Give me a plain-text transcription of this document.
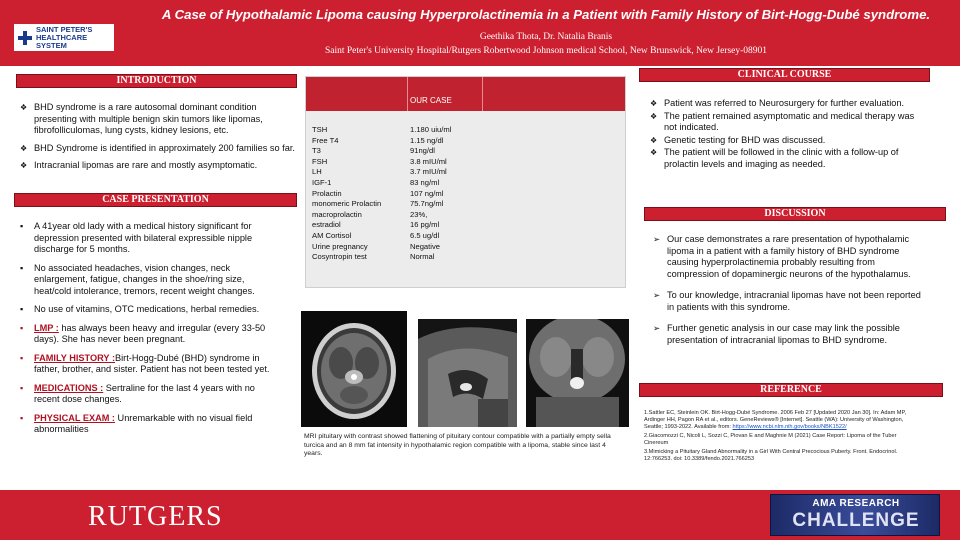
SAINT PETER'S
HEALTHCARE SYSTEM
A Case of Hypothalamic Lipoma causing Hyperprolactinemia in a Patient with Family History of Birt-Hogg-Dubé syndrome.
Geethika Thota, Dr. Natalia Branis
Saint Peter's University Hospital/Rutgers Robertwood Johnson medical School, New Brunswick, New Jersey-08901
INTRODUCTION
❖ BHD syndrome is a rare autosomal dominant condition presenting with multiple benign skin tumors like lipomas, fibrofolliculomas, lung cysts, kidney lesions, etc.
❖ BHD Syndrome is identified in approximately 200 families so far.
❖ Intracranial lipomas are rare and mostly asymptomatic.
CASE PRESENTATION
▪ A 41year old lady with a medical history significant for depression presented with bilateral expressible nipple discharge for 5 months.
▪ No associated headaches, vision changes, neck enlargement, fatigue, changes in the shoe/ring size, heat/cold intolerance, tremors, recent weight changes.
▪ No use of vitamins, OTC medications, herbal remedies.
▪ LMP : has always been heavy and irregular (every 33-50 days). She has never been pregnant.
▪ FAMILY HISTORY :Birt-Hogg-Dubé (BHD) syndrome in father, brother, and sister. Patient has not been tested yet.
▪ MEDICATIONS : Sertraline for the last 4 years with no recent dose changes.
▪ PHYSICAL EXAM : Unremarkable with no visual field abnormalities
OUR CASE
TSH	1.180 uiu/ml
Free T4	1.15 ng/dl
T3	91ng/dl
FSH	3.8 mIU/ml
LH	3.7 mIU/ml
IGF-1	83 ng/ml
Prolactin	107 ng/ml
monomeric Prolactin	75.7ng/ml
macroprolactin	23%,
estradiol	16 pg/ml
AM Cortisol	6.5 ug/dl
Urine pregnancy	Negative
Cosyntropin test	Normal
MRI pituitary with contrast showed flattening of pituitary contour compatible with a partially empty sella turcica and an 8 mm fat intensity in hypothalamic region compatible with a lipoma, stable since last 4 years.
CLINICAL COURSE
❖ Patient was referred to Neurosurgery for further evaluation.
❖ The patient remained asymptomatic and medical therapy was not indicated.
❖ Genetic testing for BHD was discussed.
❖ The patient will be followed in the clinic with a follow-up of prolactin levels and imaging as needed.
DISCUSSION
➢ Our case demonstrates a rare presentation of hypothalamic lipoma in a patient with a family history of BHD syndrome causing hyperprolactinemia probably resulting from compression of dopaminergic neurons of the hypothalamus.
➢ To our knowledge, intracranial lipomas have not been reported in patients with this syndrome.
➢ Further genetic analysis in our case may link the possible presentation of intracranial lipomas to BHD syndrome.
REFERENCE

1.Sattler EC, Steinlein OK. Birt-Hogg-Dubé Syndrome. 2006 Feb 27 [Updated 2020 Jan 30]. In: Adam MP, Ardinger HH, Pagon RA et al., editors. GeneReviews® [Internet]. Seattle (WA): University of Washington, Seattle; 1993-2022. Available from: https://www.ncbi.nlm.nih.gov/books/NBK1522/

2.Giacomozzi C, Nicoli L, Sozzi C, Piovan E and Maghnie M (2021) Case Report: Lipoma of the Tuber Cinereum

3.Mimicking a Pituitary Gland Abnormality in a Girl With Central Precocious Puberty. Front. Endocrinol. 12:766253. doi: 10.3389/fendo.2021.766253

RUTGERS	AMA RESEARCH
CHALLENGE
